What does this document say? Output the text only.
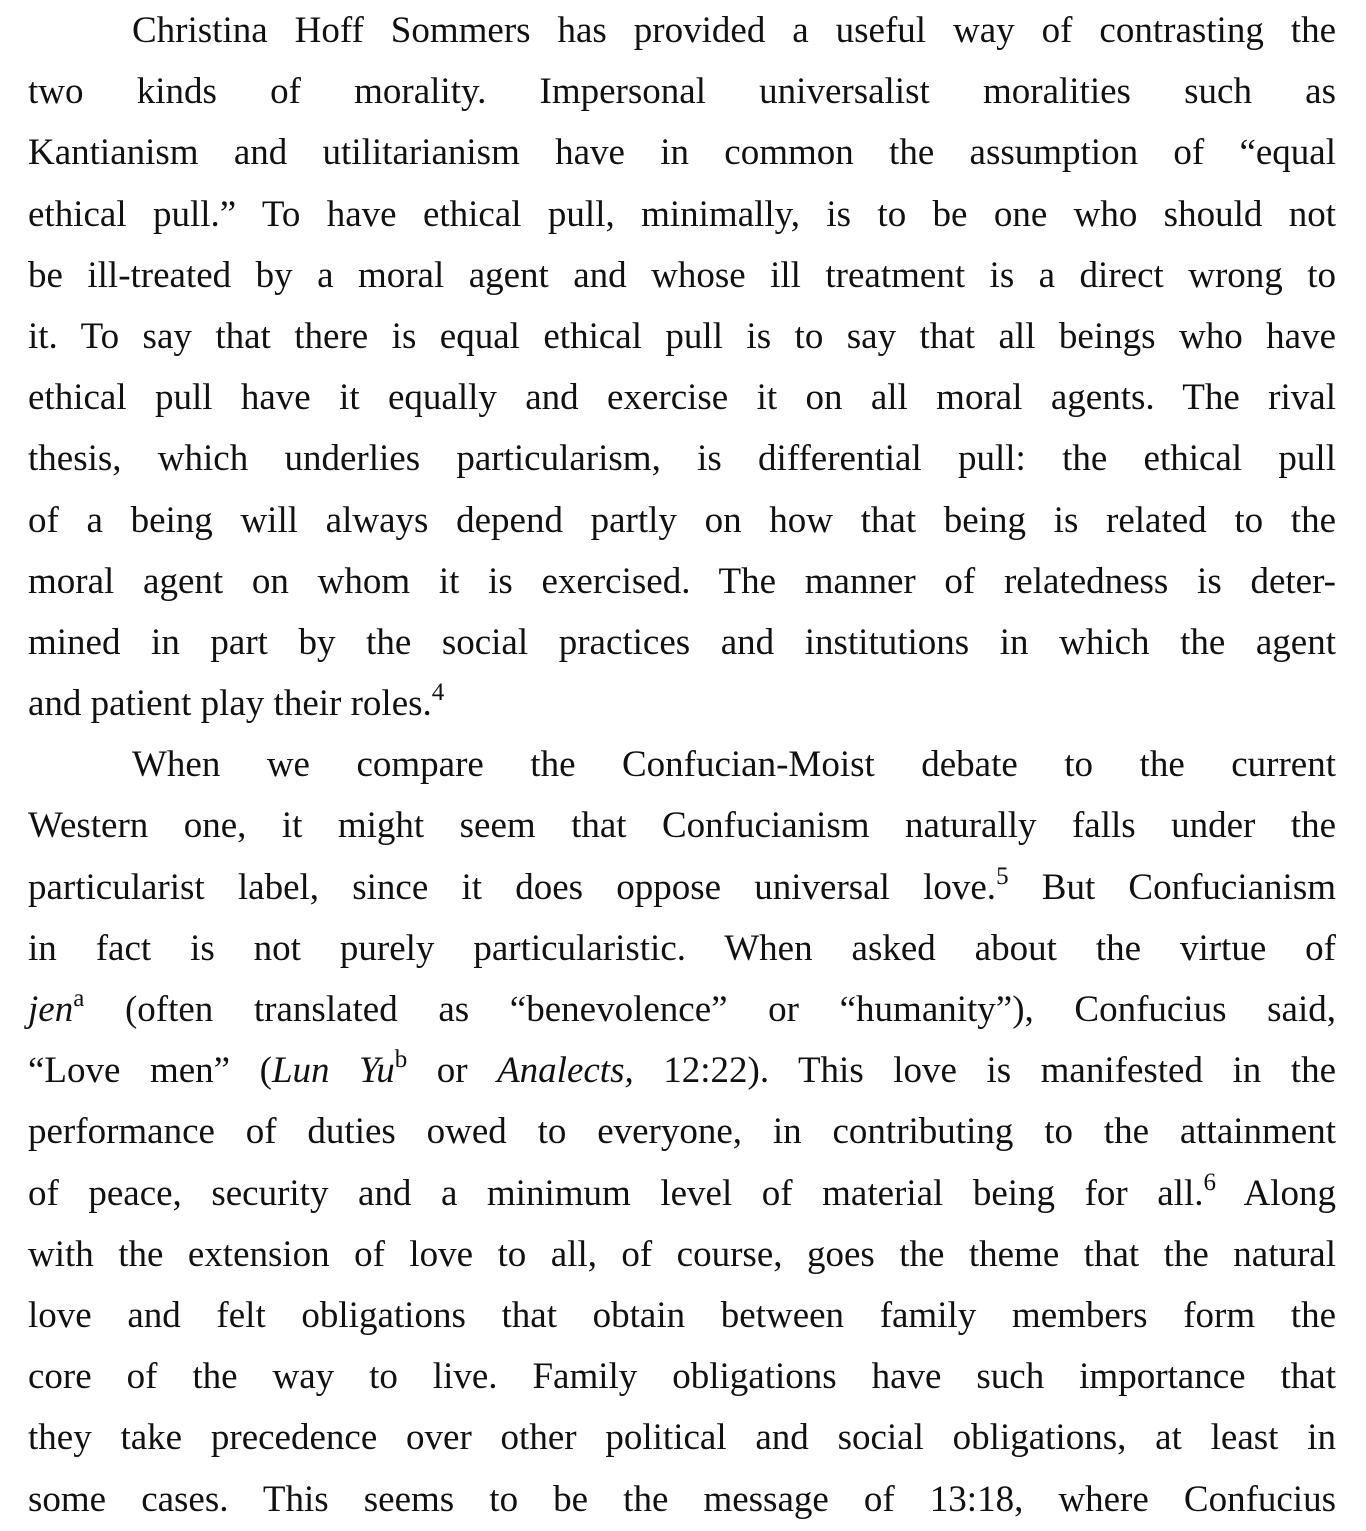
Christina Hoff Sommers has provided a useful way of contrasting the
two kinds of morality. Impersonal universalist moralities such as
Kantianism and utilitarianism have in common the assumption of “equal
ethical pull.” To have ethical pull, minimally, is to be one who should not
be ill-treated by a moral agent and whose ill treatment is a direct wrong to
it. To say that there is equal ethical pull is to say that all beings who have
ethical pull have it equally and exercise it on all moral agents. The rival
thesis, which underlies particularism, is differential pull: the ethical pull
of a being will always depend partly on how that being is related to the
moral agent on whom it is exercised. The manner of relatedness is deter-
mined in part by the social practices and institutions in which the agent
and patient play their roles.$^4$
When we compare the Confucian-Moist debate to the current
Western one, it might seem that Confucianism naturally falls under the
particularist label, since it does oppose universal love.$^5$ But Confucianism
in fact is not purely particularistic. When asked about the virtue of
jen$^a$ (often translated as “benevolence” or “humanity”), Confucius said,
“Love men” (Lun Yu$^b$ or Analects, 12:22). This love is manifested in the
performance of duties owed to everyone, in contributing to the attainment
of peace, security and a minimum level of material being for all.$^6$ Along
with the extension of love to all, of course, goes the theme that the natural
love and felt obligations that obtain between family members form the
core of the way to live. Family obligations have such importance that
they take precedence over other political and social obligations, at least in
some cases. This seems to be the message of 13:18, where Confucius
